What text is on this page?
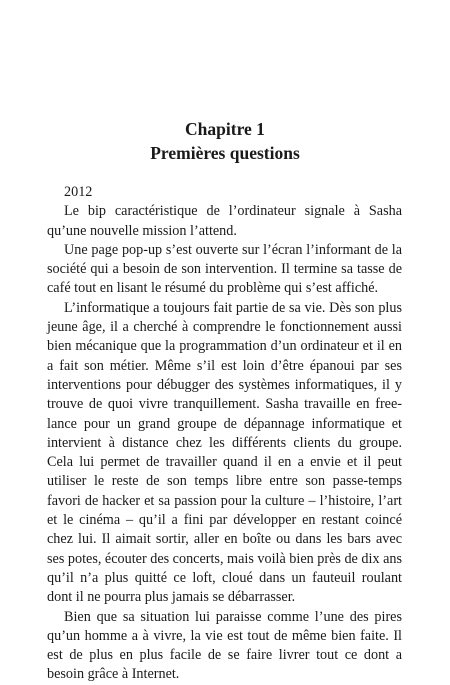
Chapitre 1
Premières questions

2012

Le bip caractéristique de l’ordinateur signale à Sasha qu’une nouvelle mission l’attend.

Une page pop-up s’est ouverte sur l’écran l’informant de la société qui a besoin de son intervention. Il termine sa tasse de café tout en lisant le résumé du problème qui s’est affiché.

L’informatique a toujours fait partie de sa vie. Dès son plus jeune âge, il a cherché à comprendre le fonctionnement aussi bien mécanique que la programmation d’un ordinateur et il en a fait son métier. Même s’il est loin d’être épanoui par ses interventions pour débugger des systèmes informatiques, il y trouve de quoi vivre tranquillement. Sasha travaille en free-lance pour un grand groupe de dépannage informatique et intervient à distance chez les différents clients du groupe. Cela lui permet de travailler quand il en a envie et il peut utiliser le reste de son temps libre entre son passe-temps favori de hacker et sa passion pour la culture – l’histoire, l’art et le cinéma – qu’il a fini par développer en restant coincé chez lui. Il aimait sortir, aller en boîte ou dans les bars avec ses potes, écouter des concerts, mais voilà bien près de dix ans qu’il n’a plus quitté ce loft, cloué dans un fauteuil roulant dont il ne pourra plus jamais se débarrasser.

Bien que sa situation lui paraisse comme l’une des pires qu’un homme a à vivre, la vie est tout de même bien faite. Il est de plus en plus facile de se faire livrer tout ce dont a besoin grâce à Internet.
